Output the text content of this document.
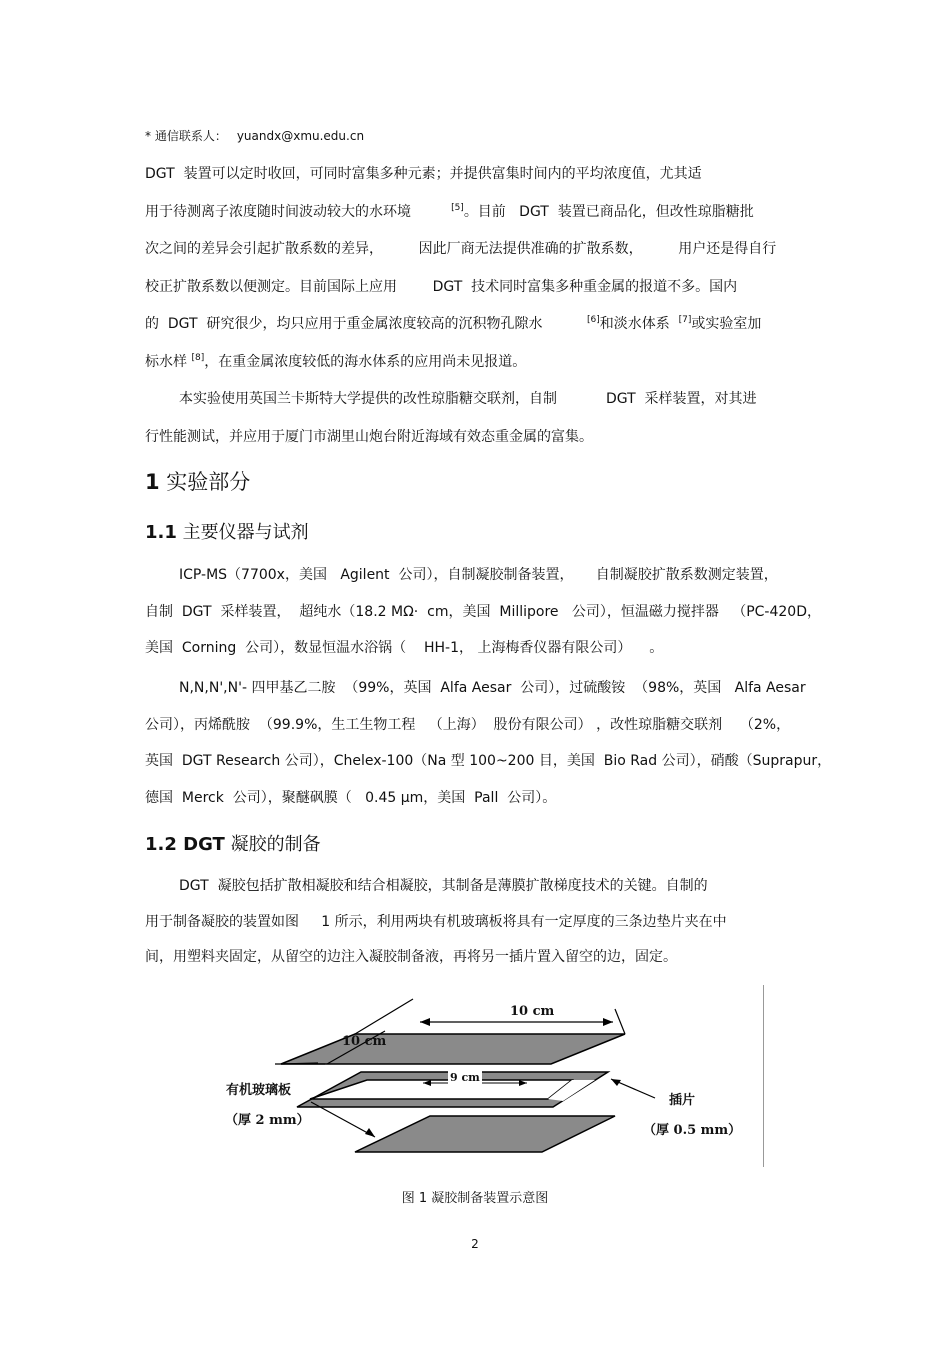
* 通信联系人： yuandx@xmu.edu.cn
DGT  装置可以定时收回，可同时富集多种元素；并提供富集时间内的平均浓度值，尤其适
用于待测离子浓度随时间波动较大的水环境	[5]。目前   DGT  装置已商品化，但改性琼脂糖批
次之间的差异会引起扩散系数的差异，        因此厂商无法提供准确的扩散系数，        用户还是得自行
校正扩散系数以便测定。目前国际上应用        DGT  技术同时富集多种重金属的报道不多。国内
的  DGT  研究很少，均只应用于重金属浓度较高的沉积物孔隙水	[6]和淡水体系 [7]或实验室加
标水样 [8]，在重金属浓度较低的海水体系的应用尚未见报道。
本实验使用英国兰卡斯特大学提供的改性琼脂糖交联剂，自制           DGT  采样装置，对其进
行性能测试，并应用于厦门市湖里山炮台附近海域有效态重金属的富集。
1 实验部分
1.1 主要仪器与试剂
ICP-MS（7700x，美国   Agilent  公司），自制凝胶制备装置，     自制凝胶扩散系数测定装置，
自制  DGT  采样装置，  超纯水（18.2 MΩ·  cm，美国  Millipore   公司），恒温磁力搅拌器   （PC-420D，
美国  Corning  公司），数显恒温水浴锅（    HH-1， 上海梅香仪器有限公司）    。
N,N,N',N'- 四甲基乙二胺  （99%，英国  Alfa Aesar  公司），过硫酸铵  （98%，英国   Alfa Aesar
公司），丙烯酰胺  （99.9%，生工生物工程   （上海）  股份有限公司） ，改性琼脂糖交联剂    （2%，
英国  DGT Research 公司），Chelex-100（Na 型 100~200 目，美国  Bio Rad 公司），硝酸（Suprapur，
德国  Merck  公司），聚醚砜膜（   0.45 μm，美国  Pall  公司）。
1.2 DGT 凝胶的制备
DGT  凝胶包括扩散相凝胶和结合相凝胶，其制备是薄膜扩散梯度技术的关键。自制的
用于制备凝胶的装置如图     1 所示，利用两块有机玻璃板将具有一定厚度的三条边垫片夹在中
间，用塑料夹固定，从留空的边注入凝胶制备液，再将另一插片置入留空的边，固定。
10 cm
10 cm
9 cm
有机玻璃板
（厚 2 mm）
插片
（厚 0.5 mm）
图 1 凝胶制备装置示意图
2
